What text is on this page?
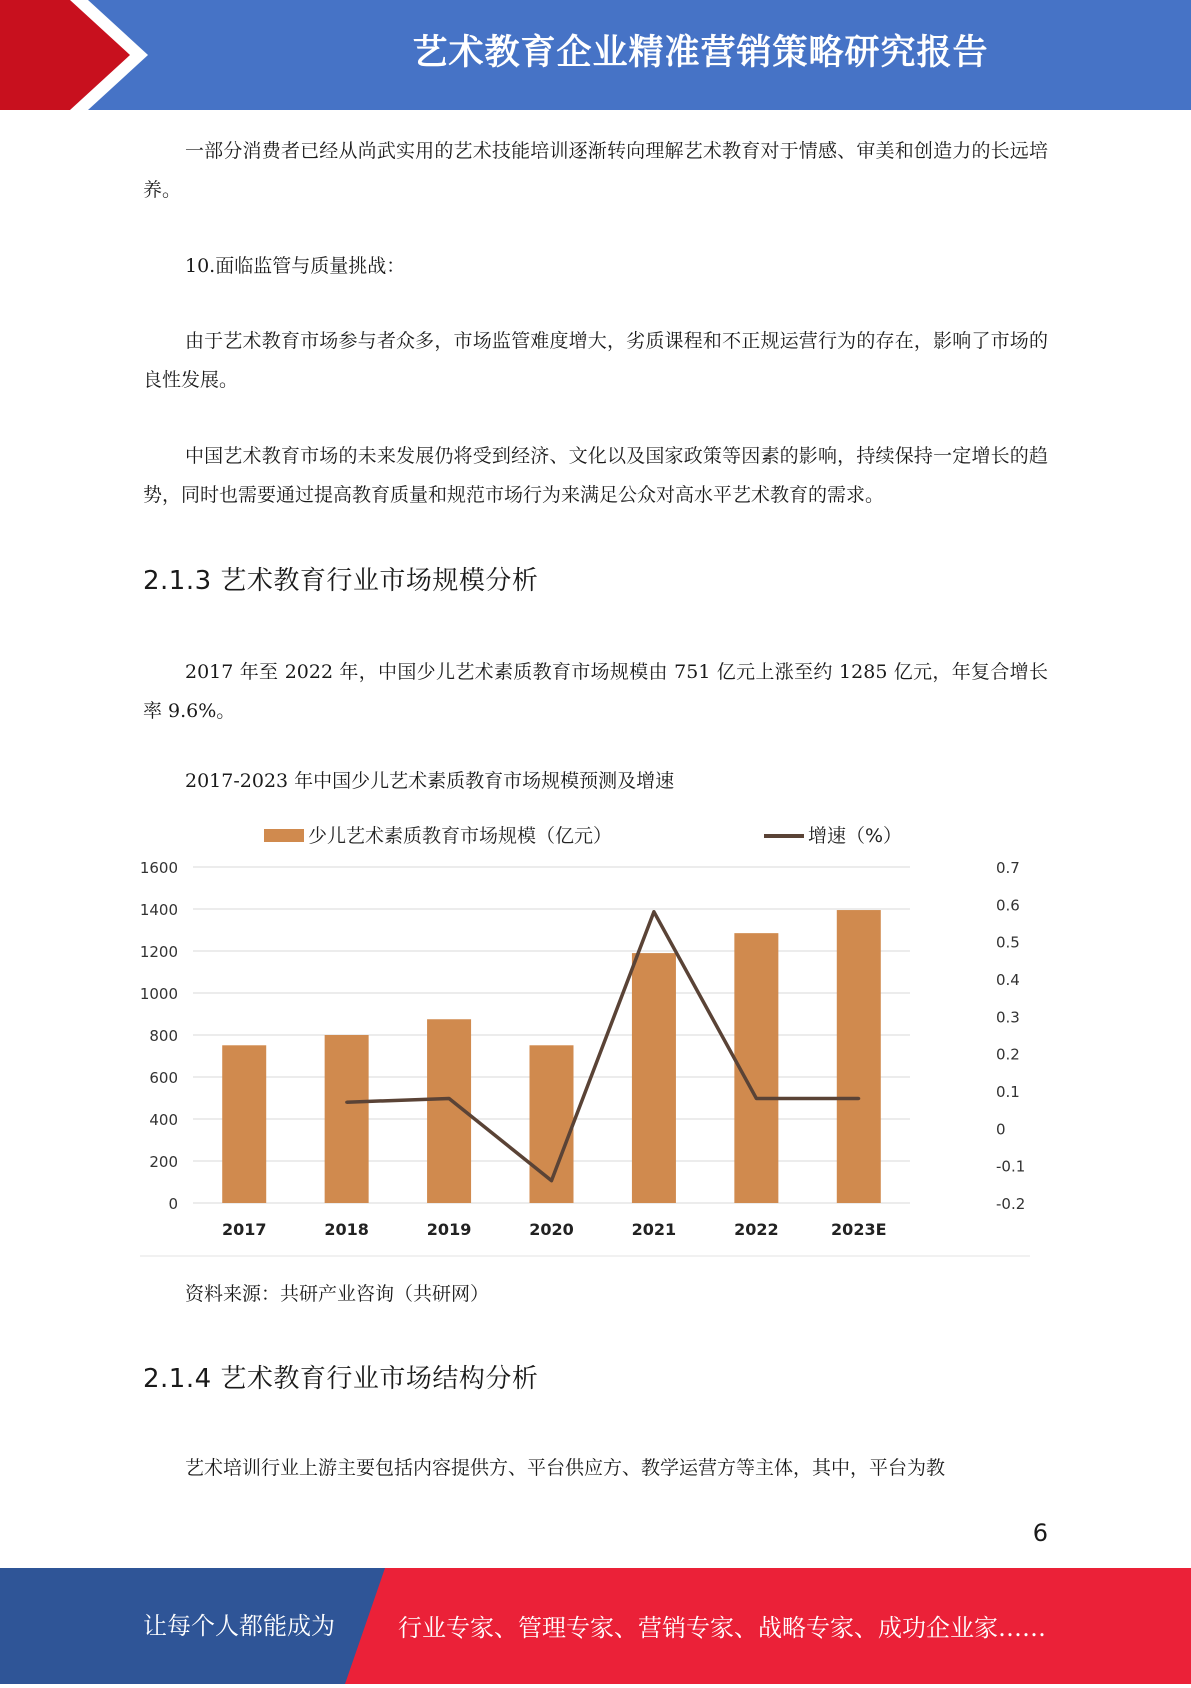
艺术教育企业精准营销策略研究报告
一部分消费者已经从尚武实用的艺术技能培训逐渐转向理解艺术教育对于情感、审美和创造力的长远培养。
10.面临监管与质量挑战：
由于艺术教育市场参与者众多，市场监管难度增大，劣质课程和不正规运营行为的存在，影响了市场的良性发展。
中国艺术教育市场的未来发展仍将受到经济、文化以及国家政策等因素的影响，持续保持一定增长的趋势，同时也需要通过提高教育质量和规范市场行为来满足公众对高水平艺术教育的需求。
2.1.3 艺术教育行业市场规模分析
2017 年至 2022 年，中国少儿艺术素质教育市场规模由 751 亿元上涨至约 1285 亿元，年复合增长率 9.6%。
2017-2023 年中国少儿艺术素质教育市场规模预测及增速
0
200
400
600
800
1000
1200
1400
1600
-0.2
-0.1
0
0.1
0.2
0.3
0.4
0.5
0.6
0.7
2017	2018	2019	2020	2021	2022	2023E
少儿艺术素质教育市场规模（亿元）	增速（%）
资料来源：共研产业咨询（共研网）
2.1.4 艺术教育行业市场结构分析
艺术培训行业上游主要包括内容提供方、平台供应方、教学运营方等主体，其中，平台为教
6
让每个人都能成为	行业专家、管理专家、营销专家、战略专家、成功企业家……
